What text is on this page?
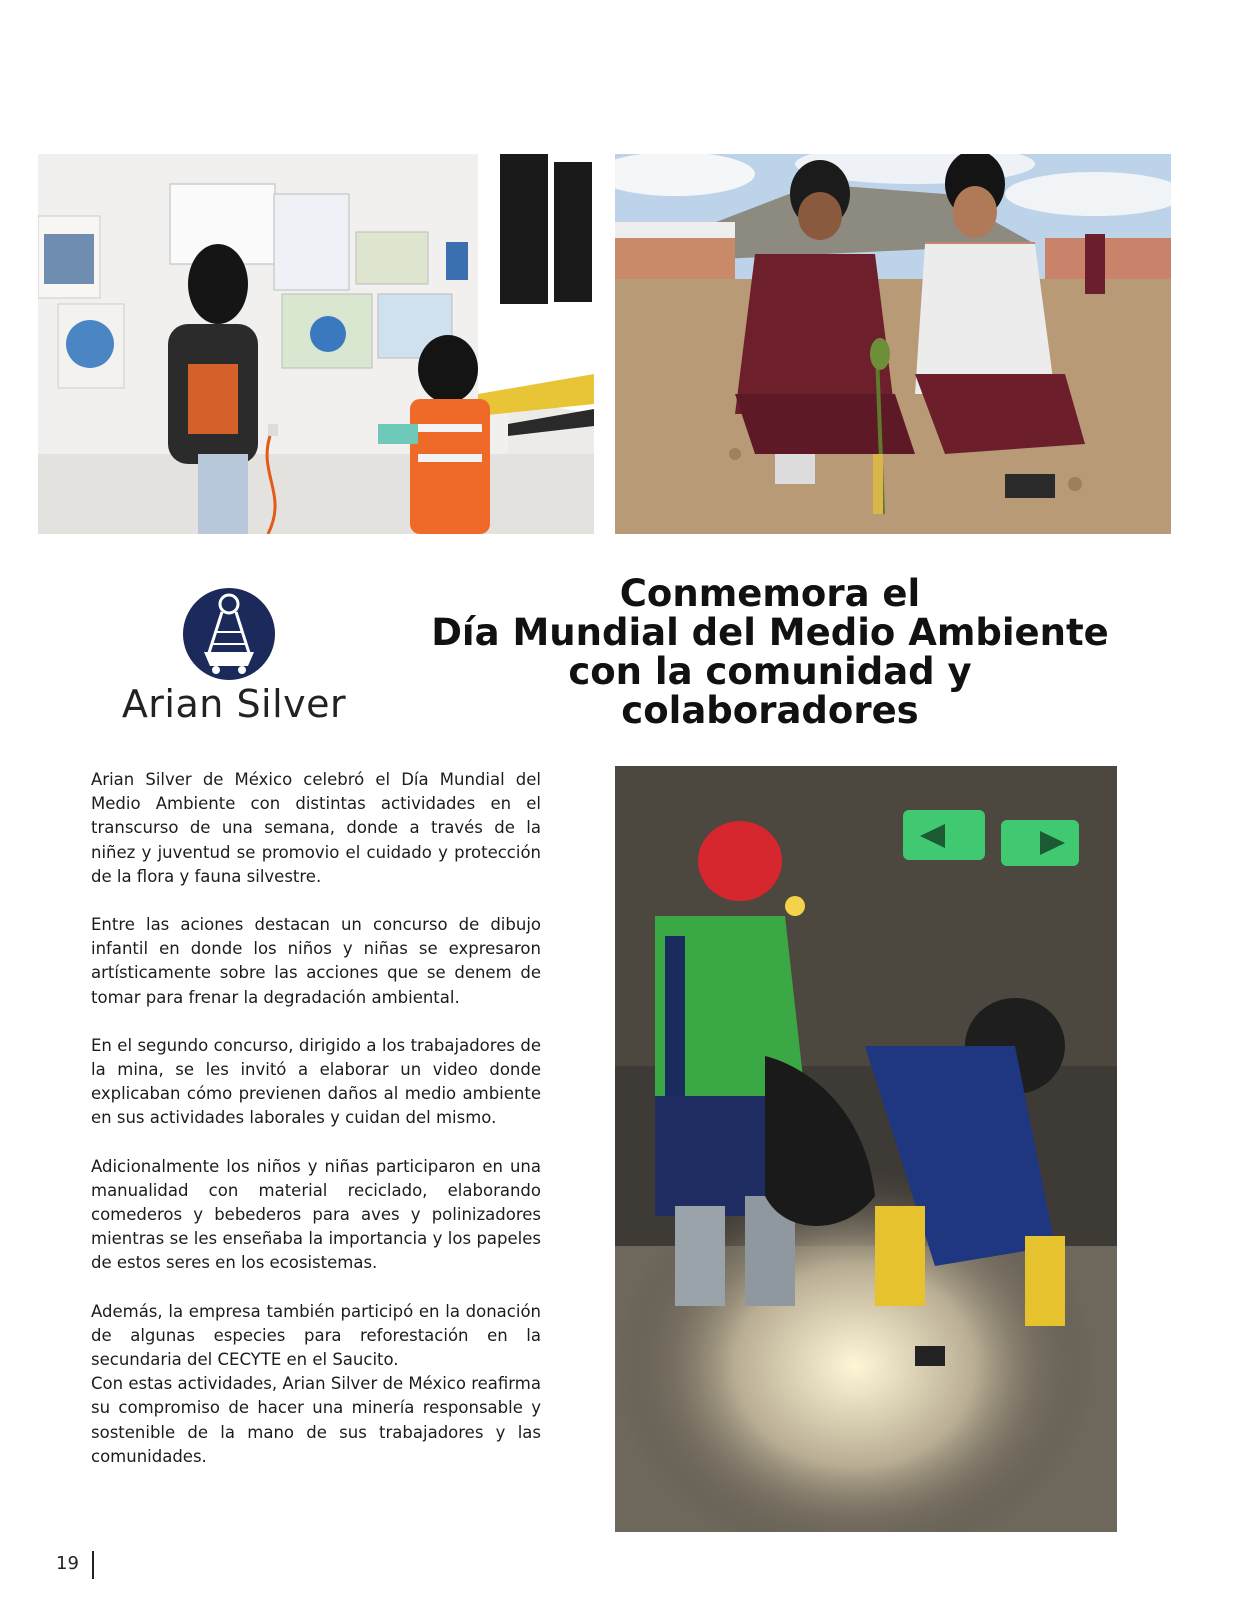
Arian Silver
Conmemora el
Día Mundial del Medio Ambiente
con la comunidad y
colaboradores

Arian Silver de México celebró el Día Mundial del Medio Ambiente con distintas actividades en el transcurso de una semana, donde a través de la niñez y juventud se promovio el cuidado y protección de la flora y fauna silvestre.

Entre las aciones destacan un concurso de dibujo infantil en donde los niños y niñas se expresaron artísticamente sobre las acciones que se denem de tomar para frenar la degradación ambiental.

En el segundo concurso, dirigido a los trabajadores de la mina, se les invitó a elaborar un video donde explicaban cómo previenen daños al medio ambiente en sus actividades laborales y cuidan del mismo.

Adicionalmente los niños y niñas participaron en una manualidad con material reciclado, elaborando comederos y bebederos para aves y polinizadores mientras se les enseñaba la importancia y los papeles de estos seres en los ecosistemas.

Además, la empresa también participó en la donación de algunas especies para reforestación en la secundaria del CECYTE en el Saucito.

Con estas actividades, Arian Silver de México reafirma su compromiso de hacer una minería responsable y sostenible de la mano de sus trabajadores y las comunidades.

19
